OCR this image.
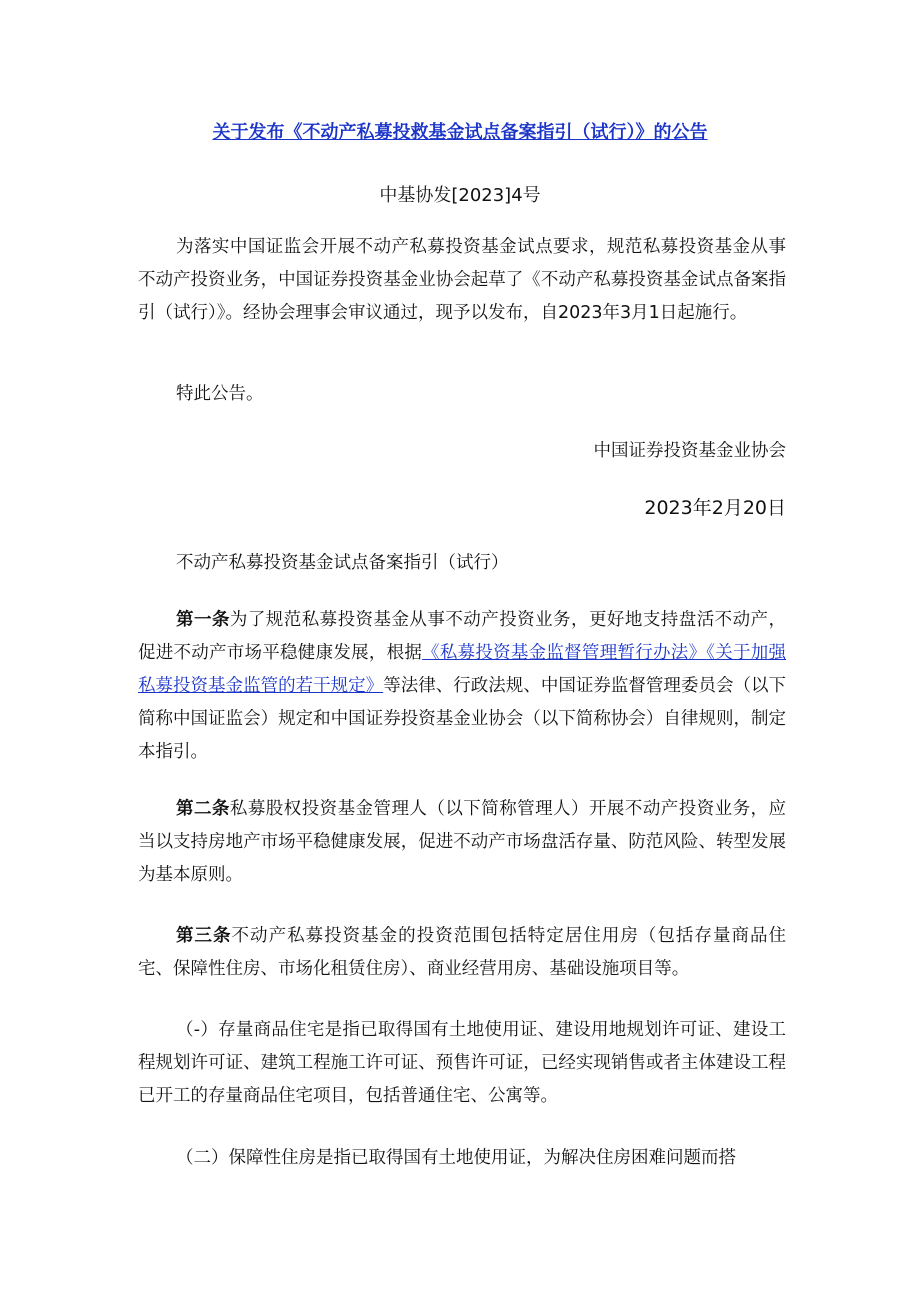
关于发布《不动产私募投救基金试点备案指引（试行）》的公告
中基协发[2023]4号
为落实中国证监会开展不动产私募投资基金试点要求，规范私募投资基金从事不动产投资业务，中国证券投资基金业协会起草了《不动产私募投资基金试点备案指引（试行）》。经协会理事会审议通过，现予以发布，自2023年3月1日起施行。
特此公告。
中国证券投资基金业协会
2023年2月20日
不动产私募投资基金试点备案指引（试行）
第一条为了规范私募投资基金从事不动产投资业务，更好地支持盘活不动产，促进不动产市场平稳健康发展，根据《私募投资基金监督管理暂行办法》《关于加强私募投资基金监管的若干规定》等法律、行政法规、中国证券监督管理委员会（以下简称中国证监会）规定和中国证券投资基金业协会（以下简称协会）自律规则，制定本指引。
第二条私募股权投资基金管理人（以下简称管理人）开展不动产投资业务，应当以支持房地产市场平稳健康发展，促进不动产市场盘活存量、防范风险、转型发展为基本原则。
第三条不动产私募投资基金的投资范围包括特定居住用房（包括存量商品住宅、保障性住房、市场化租赁住房）、商业经营用房、基础设施项目等。
（-）存量商品住宅是指已取得国有土地使用证、建设用地规划许可证、建设工程规划许可证、建筑工程施工许可证、预售许可证，已经实现销售或者主体建设工程已开工的存量商品住宅项目，包括普通住宅、公寓等。
（二）保障性住房是指已取得国有土地使用证，为解决住房困难问题而搭
